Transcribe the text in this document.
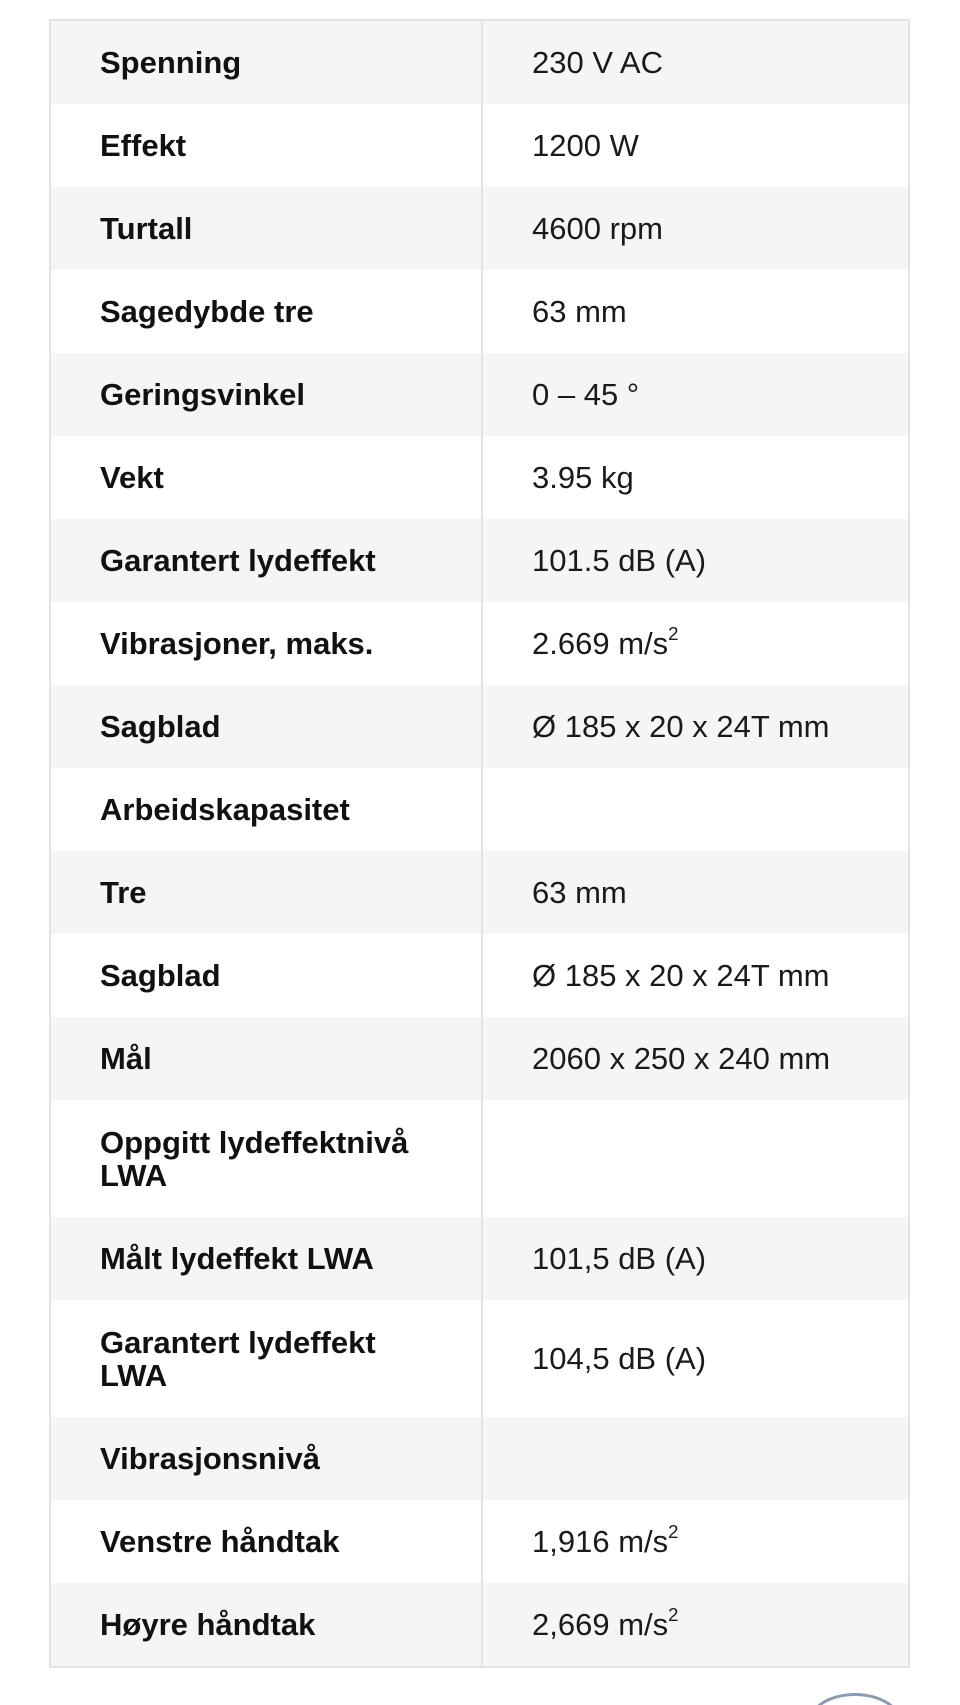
Spenning	230 V AC
Effekt	1200 W
Turtall	4600 rpm
Sagedybde tre	63 mm
Geringsvinkel	0 – 45 °
Vekt	3.95 kg
Garantert lydeffekt	101.5 dB (A)
Vibrasjoner, maks.	2.669 $m/s^2$
Sagblad	Ø 185 x 20 x 24T mm
Arbeidskapasitet
Tre	63 mm
Sagblad	Ø 185 x 20 x 24T mm
Mål	2060 x 250 x 240 mm
Oppgitt lydeffektnivå LWA
Målt lydeffekt LWA	101,5 dB (A)
Garantert lydeffekt LWA	104,5 dB (A)
Vibrasjonsnivå
Venstre håndtak	1,916 $m/s^2$
Høyre håndtak	2,669 $m/s^2$
